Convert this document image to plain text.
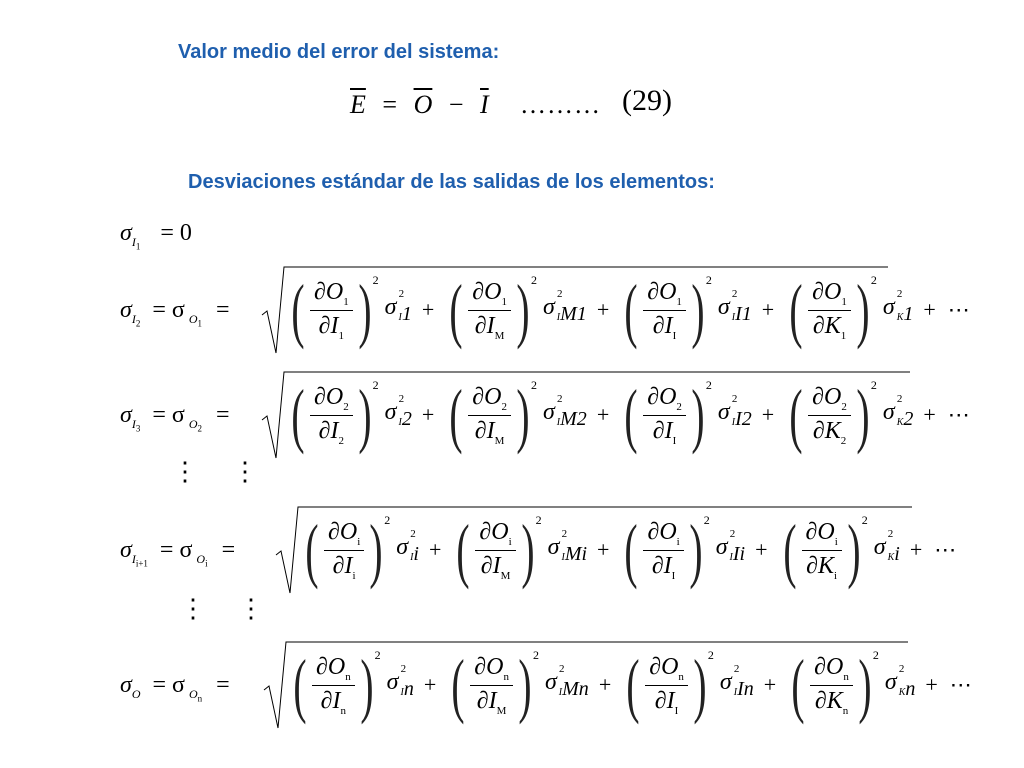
Valor medio del error del sistema:
$\overline{E} = \overline{O} - \overline{I}$ ……… (29)
Desviaciones estándar de las salidas de los elementos:
$\sigma_{I_1} = 0$
$\sigma_{I_2}= \sigma$ $_{O_1}$= ( $\frac{\partial O_1}{\partial I_1}$ ) 2
σ 2
$_{I1}$ + ( $\frac{\partial O_1}{\partial I_M}$ ) 2
σ 2
$_{IM1}$ + ( $\frac{\partial O_1}{\partial I_I}$ ) 2
σ 2
$_{II1}$ + ( $\frac{\partial O_1}{\partial K_1}$ ) 2
σ 2
$_{K1}$ + ⋯
$\sigma_{I_3}= \sigma$ $_{O_2}$= ( $\frac{\partial O_2}{\partial I_2}$ ) 2
σ 2
$_{I2}$ + ( $\frac{\partial O_2}{\partial I_M}$ ) 2
σ 2
$_{IM2}$ + ( $\frac{\partial O_2}{\partial I_I}$ ) 2
σ 2
$_{II2}$ + ( $\frac{\partial O_2}{\partial K_2}$ ) 2
σ 2
$_{K2}$ + ⋯
$\sigma_{I_{i+1}}= \sigma$ $_{O_i}$= ( $\frac{\partial O_i}{\partial I_i}$ ) 2
σ 2
$_{Ii}$ + ( $\frac{\partial O_i}{\partial I_M}$ ) 2
σ 2
$_{IMi}$ + ( $\frac{\partial O_i}{\partial I_I}$ ) 2
σ 2
$_{IIi}$ + ( $\frac{\partial O_i}{\partial K_i}$ ) 2
σ 2
$_{Ki}$ + ⋯
$\sigma_O = \sigma$ $_{O_n}$= ( $\frac{\partial O_n}{\partial I_n}$ ) 2
σ 2
$_{In}$ + ( $\frac{\partial O_n}{\partial I_M}$ ) 2
σ 2
$_{IMn}$ + ( $\frac{\partial O_n}{\partial I_I}$ ) 2
σ 2
$_{IIn}$ + ( $\frac{\partial O_n}{\partial K_n}$ ) 2
σ 2
$_{Kn}$ + ⋯
⋮ ⋮
⋮ ⋮
